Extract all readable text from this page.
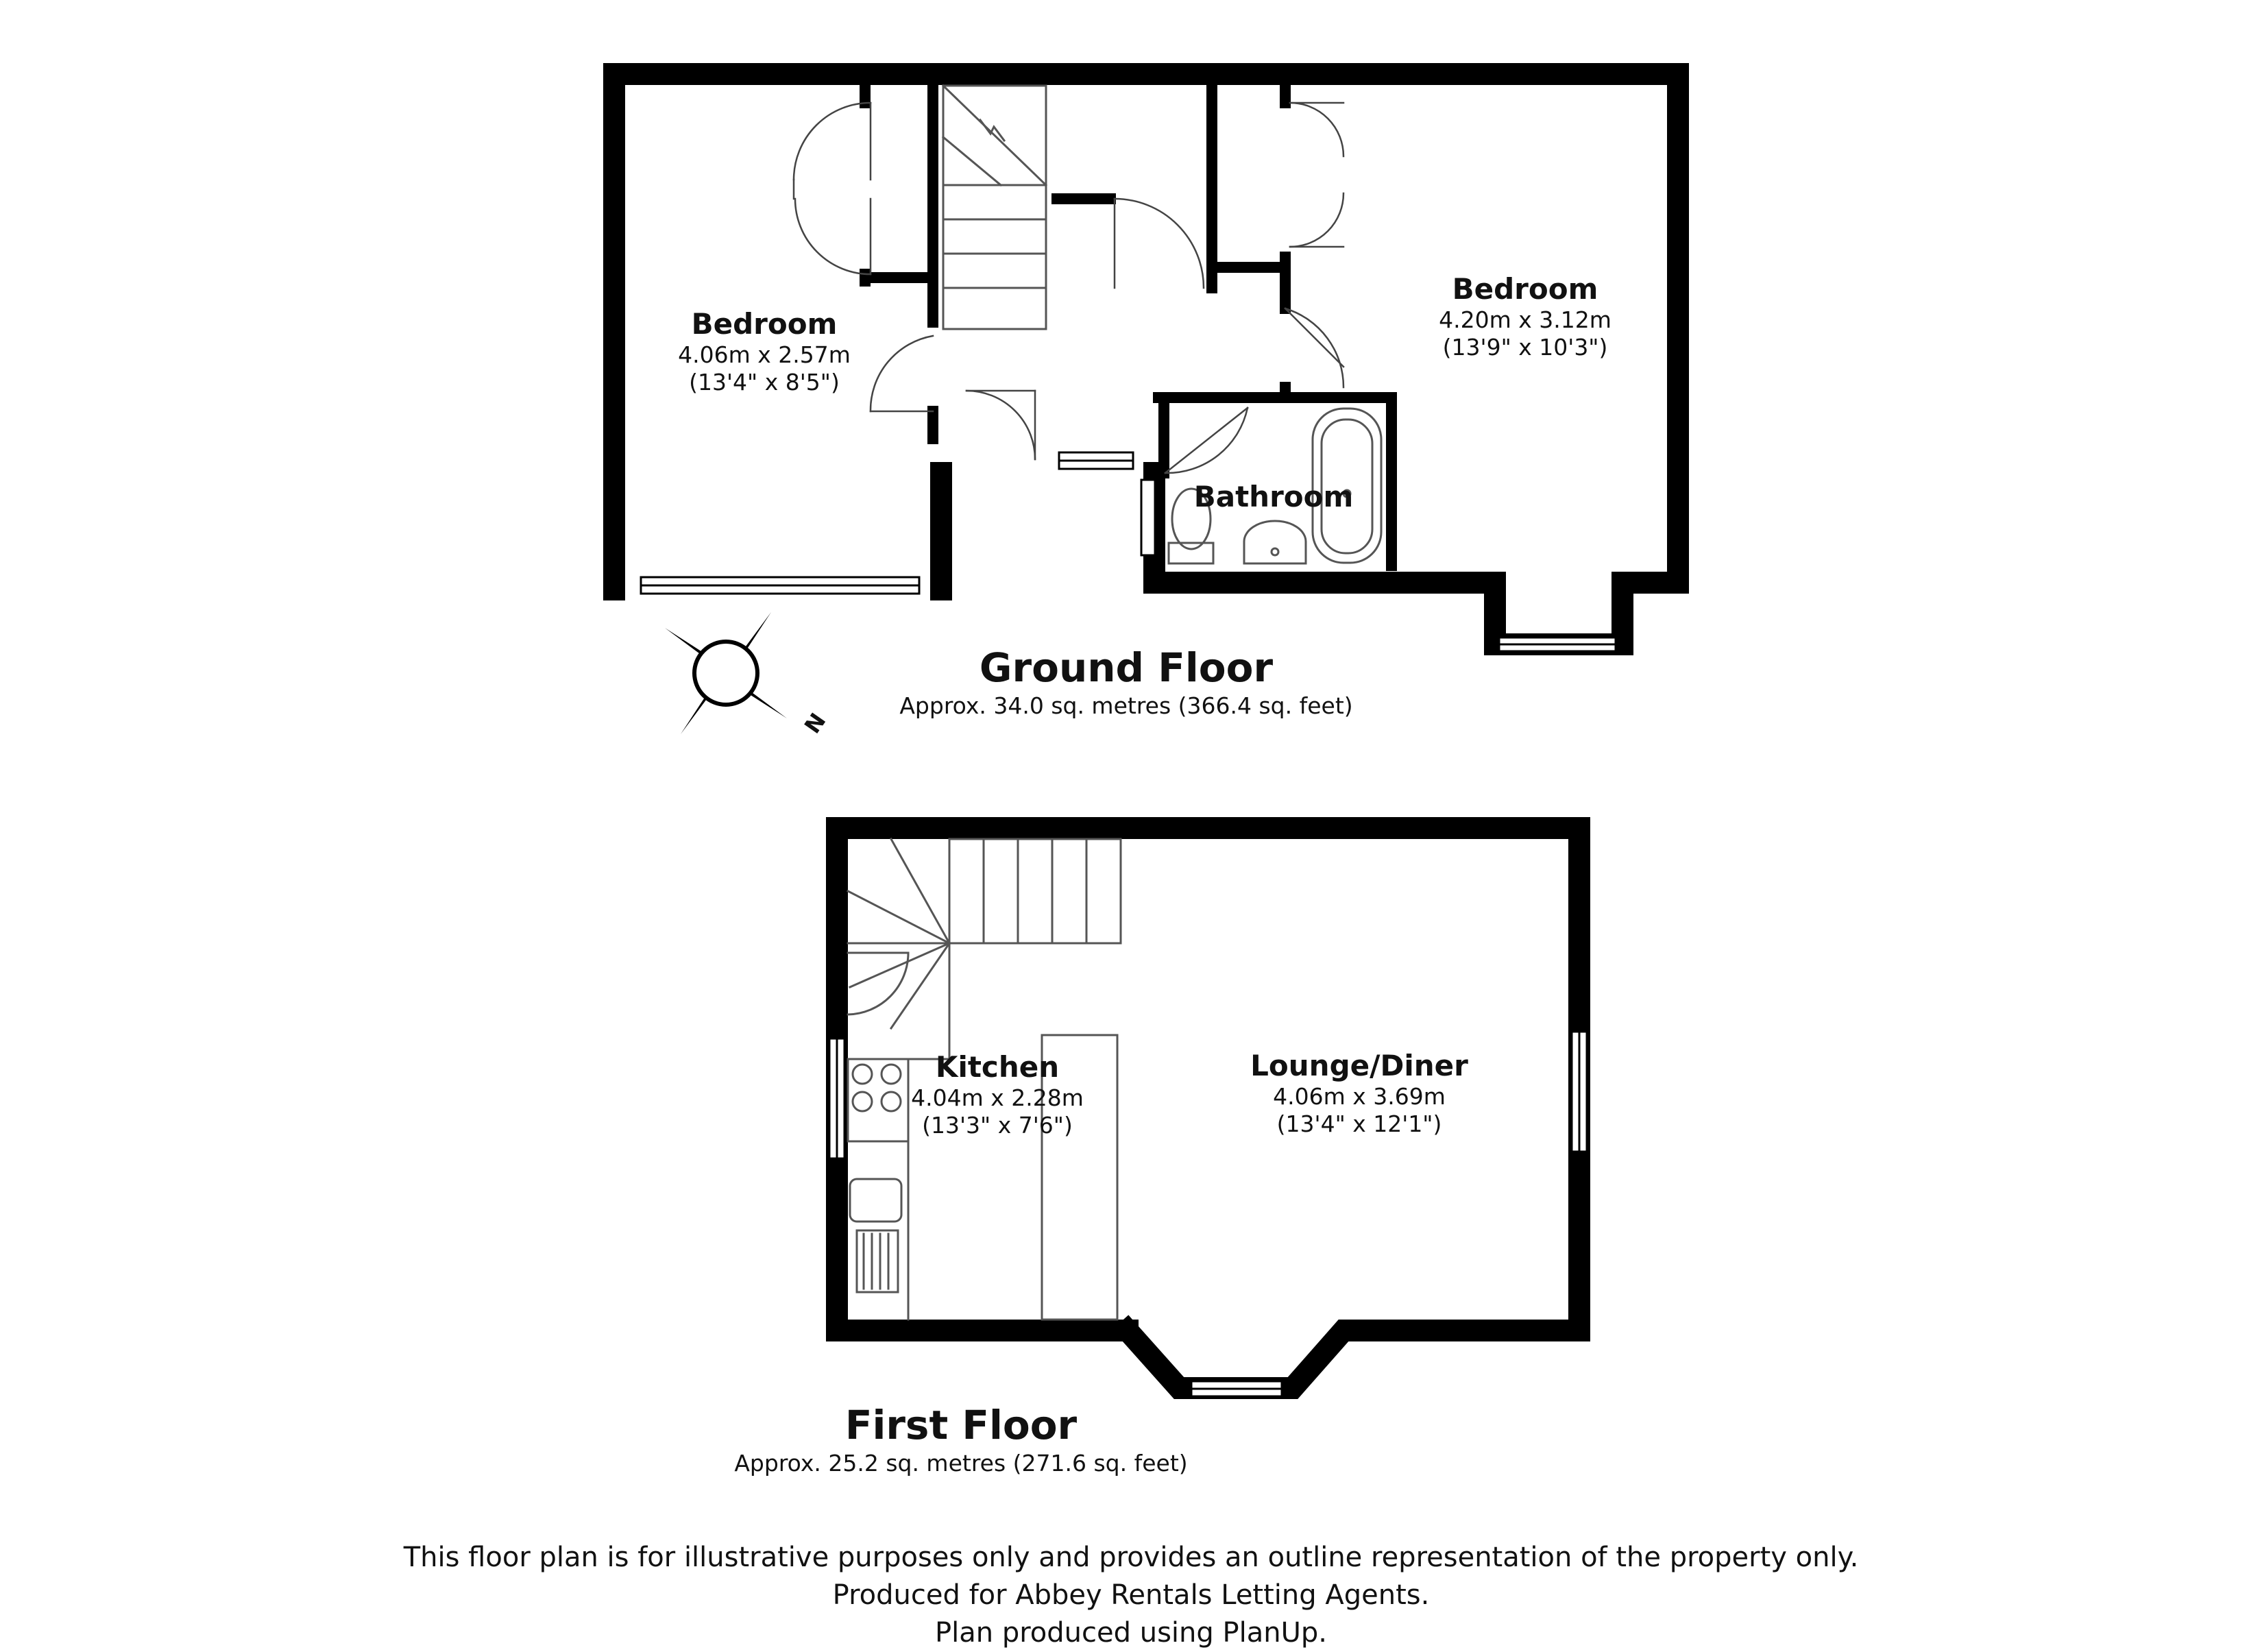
Bedroom
4.06m x 2.57m
(13'4" x 8'5")
Bedroom
4.20m x 3.12m
(13'9" x 10'3")
Bathroom
Ground Floor
Approx. 34.0 sq. metres (366.4 sq. feet)
N
Kitchen
4.04m x 2.28m
(13'3" x 7'6")
Lounge/Diner
4.06m x 3.69m
(13'4" x 12'1")
First Floor
Approx. 25.2 sq. metres (271.6 sq. feet)
This floor plan is for illustrative purposes only and provides an outline representation of the property only.
Produced for Abbey Rentals Letting Agents.
Plan produced using PlanUp.
